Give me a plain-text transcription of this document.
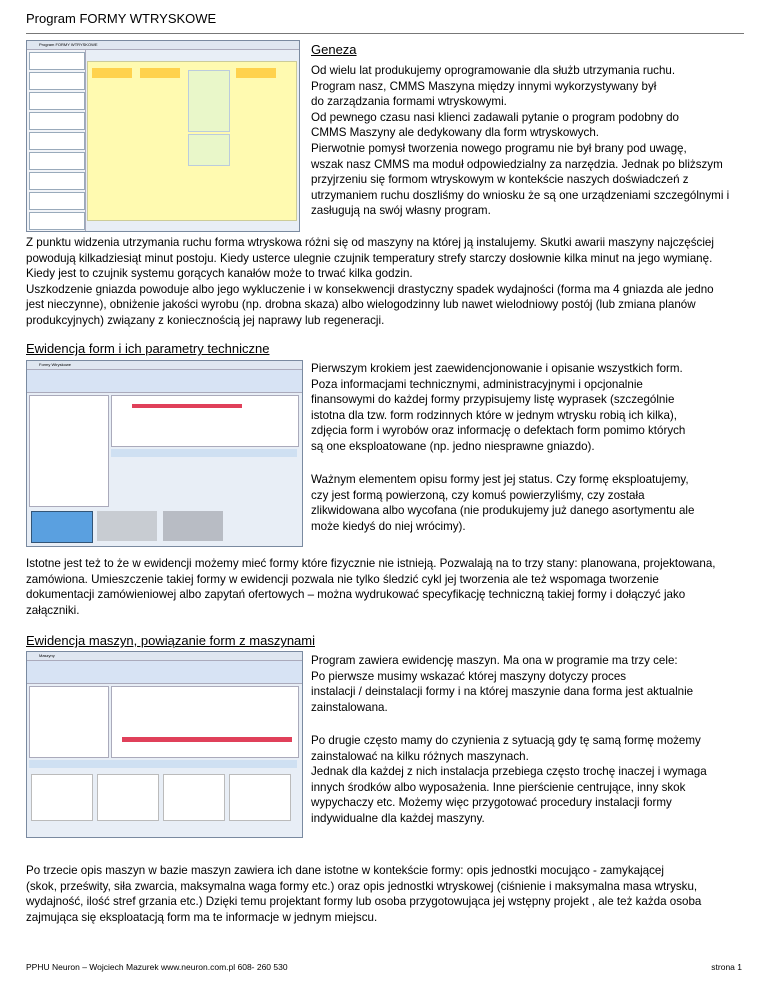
Program FORMY WTRYSKOWE
Program FORMY WTRYSKOWE	Geneza

Od wielu lat produkujemy oprogramowanie dla służb utrzymania ruchu.

Program nasz, CMMS Maszyna między innymi wykorzystywany był

do zarządzania formami wtryskowymi.

Od pewnego czasu nasi klienci zadawali pytanie o program podobny do

CMMS Maszyny ale dedykowany dla form wtryskowych.

Pierwotnie pomysł tworzenia nowego programu nie był brany pod uwagę,

wszak nasz CMMS ma moduł odpowiedzialny za narzędzia. Jednak po bliższym

przyjrzeniu się formom wtryskowym w kontekście naszych doświadczeń z

utrzymaniem ruchu doszliśmy do wniosku że są one urządzeniami szczególnymi i

zasługują na swój własny program.

Z punktu widzenia utrzymania ruchu forma wtryskowa różni się od maszyny na której ją instalujemy. Skutki awarii maszyny najczęściej

powodują kilkadziesiąt minut postoju. Kiedy usterce ulegnie czujnik temperatury strefy starczy dosłownie kilka minut na jego wymianę.

Kiedy jest to czujnik systemu gorących kanałów może to trwać kilka godzin.

Uszkodzenie gniazda powoduje albo jego wykluczenie i w konsekwencji drastyczny spadek wydajności (forma ma 4 gniazda ale jedno

jest nieczynne), obniżenie jakości wyrobu (np. drobna skaza) albo wielogodzinny lub nawet wielodniowy postój (lub zmiana planów

produkcyjnych) związany z koniecznością jej naprawy lub regeneracji.

Ewidencja form i ich parametry techniczne
Formy Wtryskowe	Pierwszym krokiem jest zaewidencjonowanie i opisanie wszystkich form.

Poza informacjami technicznymi, administracyjnymi i opcjonalnie

finansowymi do każdej formy przypisujemy listę wyprasek (szczególnie

istotna dla tzw. form rodzinnych które w jednym wtrysku robią ich kilka),

zdjęcia form i wyrobów oraz informację o defektach form pomimo których

są one eksploatowane (np. jedno niesprawne gniazdo).

Ważnym elementem opisu formy jest jej status. Czy formę eksploatujemy,

czy jest formą powierzoną, czy komuś powierzyliśmy, czy została

zlikwidowana albo wycofana (nie produkujemy już danego asortymentu ale

może kiedyś do niej wrócimy).

Istotne jest też to że w ewidencji możemy mieć formy które fizycznie nie istnieją. Pozwalają na to trzy stany: planowana, projektowana,

zamówiona. Umieszczenie takiej formy w ewidencji pozwala nie tylko śledzić cykl jej tworzenia ale też wspomaga tworzenie

dokumentacji zamówieniowej albo zapytań ofertowych – można wydrukować specyfikację techniczną takiej formy i dołączyć jako

załączniki.

Ewidencja maszyn, powiązanie form z maszynami
Maszyny	Program zawiera ewidencję maszyn. Ma ona w programie ma trzy cele:

Po pierwsze musimy wskazać której maszyny dotyczy proces

instalacji / deinstalacji formy i na której maszynie dana forma jest aktualnie

zainstalowana.

Po drugie często mamy do czynienia z sytuacją gdy tę samą formę możemy

zainstalować na kilku różnych maszynach.

Jednak dla każdej z nich instalacja przebiega często trochę inaczej i wymaga

innych środków albo wyposażenia. Inne pierścienie centrujące, inny skok

wypychaczy etc. Możemy więc przygotować procedury instalacji formy

indywidualne dla każdej maszyny.

Po trzecie opis maszyn w bazie maszyn zawiera ich dane istotne w kontekście formy: opis jednostki mocująco - zamykającej

(skok, prześwity, siła zwarcia, maksymalna waga formy etc.) oraz opis jednostki wtryskowej (ciśnienie i maksymalna masa wtrysku,

wydajność, ilość stref grzania etc.) Dzięki temu projektant formy lub osoba przygotowująca jej wstępny projekt , ale też każda osoba

zajmująca się eksploatacją form ma te informacje w jednym miejscu.

PPHU Neuron – Wojciech Mazurek www.neuron.com.pl 608- 260 530	strona 1
